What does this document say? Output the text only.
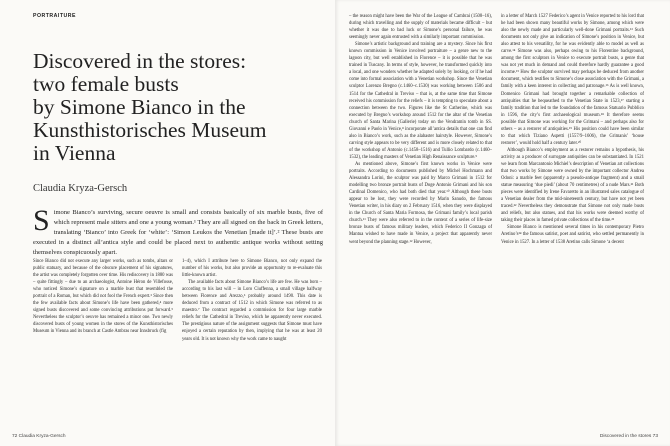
PORTRAITURE
Discovered in the stores:
two female busts
by Simone Bianco in the
Kunsthistorisches Museum
in Vienna
Claudia Kryza-Gersch
S imone Bianco’s surviving, secure oeuvre is small and consists basically of six marble busts, five of which represent male sitters and one a young woman.¹ They are all signed on the back in Greek letters, translating ‘Bianco’ into Greek for ‘white’: ‘Simon Leukos the Venetian [made it]’.² These busts are executed in a distinct all’antica style and could be placed next to authentic antique works without setting themselves conspicuously apart.

Since Bianco did not execute any larger works, such as tombs, altars or public statuary, and because of the obscure placement of his signatures, the artist was completely forgotten over time. His rediscovery in 1880 was – quite fittingly – due to an archaeologist, Antoine Héron de Villefosse, who noticed Simone’s signature on a marble bust that resembled the portrait of a Roman, but which did not fool the French expert.³ Since then the few available facts about Simone’s life have been gathered,⁴ more signed busts discovered and some convincing attributions put forward.⁵ Nevertheless the sculptor’s oeuvre has remained a minor one. Two newly discovered busts of young women in the stores of the Kunsthistorisches Museum in Vienna and its branch at Castle Ambras near Innsbruck (fig

1–4), which I attribute here to Simone Bianco, not only expand the number of his works, but also provide an opportunity to re-evaluate this little-known artist.

The available facts about Simone Bianco’s life are few. He was born – according to his last will – in Loro Ciuffenna, a small village halfway between Florence and Arezzo,⁶ probably around 1490. This date is deduced from a contract of 1512 in which Simone was referred to as maestro.⁷ The contract regarded a commission for four large marble reliefs for the Cathedral in Treviso, which he apparently never executed. The prestigious nature of the assignment suggests that Simone must have enjoyed a certain reputation by then, implying that he was at least 20 years old. It is not known why the work came to naught

72 Claudia Kryza-Gersch

– the reason might have been the War of the League of Cambrai (1508–16), during which travelling and the supply of materials became difficult – but whether it was due to bad luck or Simone’s personal failure, he was seemingly never again entrusted with a similarly important commission.

Simone’s artistic background and training are a mystery. Since his first known commission in Venice involved portraiture – a genre new to the lagoon city, but well established in Florence – it is possible that he was trained in Tuscany. In terms of style, however, he transformed quickly into a local, and one wonders whether he adapted solely by looking, or if he had come into formal association with a Venetian workshop. Since the Venetian sculptor Lorenzo Bregno (c.1460–c.1530) was working between 1506 and 1514 for the Cathedral in Treviso – that is, at the same time that Simone received his commission for the reliefs – it is tempting to speculate about a connection between the two. Figures like the St Catherine, which was executed by Bregno’s workshop around 1512 for the altar of the Venetian church of Santa Marina (Gallerie) today on the Vendramin tomb in SS. Giovanni e Paolo in Venice,⁸ incorporate all’antica details that one can find also in Bianco’s work, such as the alabaster hairstyle. However, Simone’s carving style appears to be very different and is more closely related to that of the workshop of Antonio (c.1458–1516) and Tullio Lombardo (c.1460–1532), the leading masters of Venetian High Renaissance sculpture.⁹

As mentioned above, Simone’s first known works in Venice were portraits. According to documents published by Michel Hochmann and Alessandra Lorini, the sculptor was paid by Marco Grimani in 1512 for modelling two bronze portrait busts of Doge Antonio Grimani and his son Cardinal Domenico, who had both died that year.¹⁰ Although these busts appear to be lost, they were recorded by Marin Sanudo, the famous Venetian writer, in his diary on 2 February 1516, when they were displayed in the Church of Santa Maria Formosa, the Grimani family’s local parish church.¹¹ They were also referred to in the context of a series of life-size bronze busts of famous military leaders, which Federico II Gonzaga of Mantua wished to have made in Venice, a project that apparently never went beyond the planning stage.¹² However,

in a letter of March 1527 Federico’s agent in Venice reported to his lord that he had been shown many beautiful works by Simone, among which were also the newly made and particularly well-done Grimani portraits.¹³ Such documents not only give an indication of Simone’s position in Venice, but also attest to his versatility, for he was evidently able to model as well as carve.¹⁴ Simone was also, perhaps owing to his Florentine background, among the first sculptors in Venice to execute portrait busts, a genre that was not yet much in demand and could therefore hardly guarantee a good income.¹⁵ How the sculptor survived may perhaps be deduced from another document, which testifies to Simone’s close association with the Grimani, a family with a keen interest in collecting and patronage.¹⁶ As is well known, Domenico Grimani had brought together a remarkable collection of antiquities that he bequeathed to the Venetian State in 1523,¹⁷ starting a family tradition that led to the foundation of the famous Statuario Pubblico in 1596, the city’s first archaeological museum.¹⁸ It therefore seems possible that Simone was working for the Grimani – and perhaps also for others – as a restorer of antiquities.¹⁹ His position could have been similar to that which Tiziano Aspetti (1557/9–1606), the Grimanis’ ‘house restorer’, would hold half a century later.²⁰

Although Bianco’s employment as a restorer remains a hypothesis, his activity as a producer of surrogate antiquities can be substantiated. In 1521 we learn from Marcantonio Michiel’s description of Venetian art collections that two works by Simone were owned by the important collector Andrea Odoni: a marble feet (apparently a pseudo-antique fragment) and a small statue measuring ‘due piedi’ (about 70 centimetres) of a nude Mars.²¹ Both pieces were identified by Irene Favaretto in an illustrated sales catalogue of a Venetian dealer from the mid-nineteenth century, but have not yet been traced.²² Nevertheless they demonstrate that Simone not only made busts and reliefs, but also statues, and that his works were deemed worthy of taking their places in famed private collections of the time.²³

Simone Bianco is mentioned several times in his contemporary Pietro Aretino’s²⁴ the famous satirist, poet and satirist, who settled permanently in Venice in 1527. In a letter of 1538 Aretino calls Simone ‘a decent

Discovered in the stores 73
